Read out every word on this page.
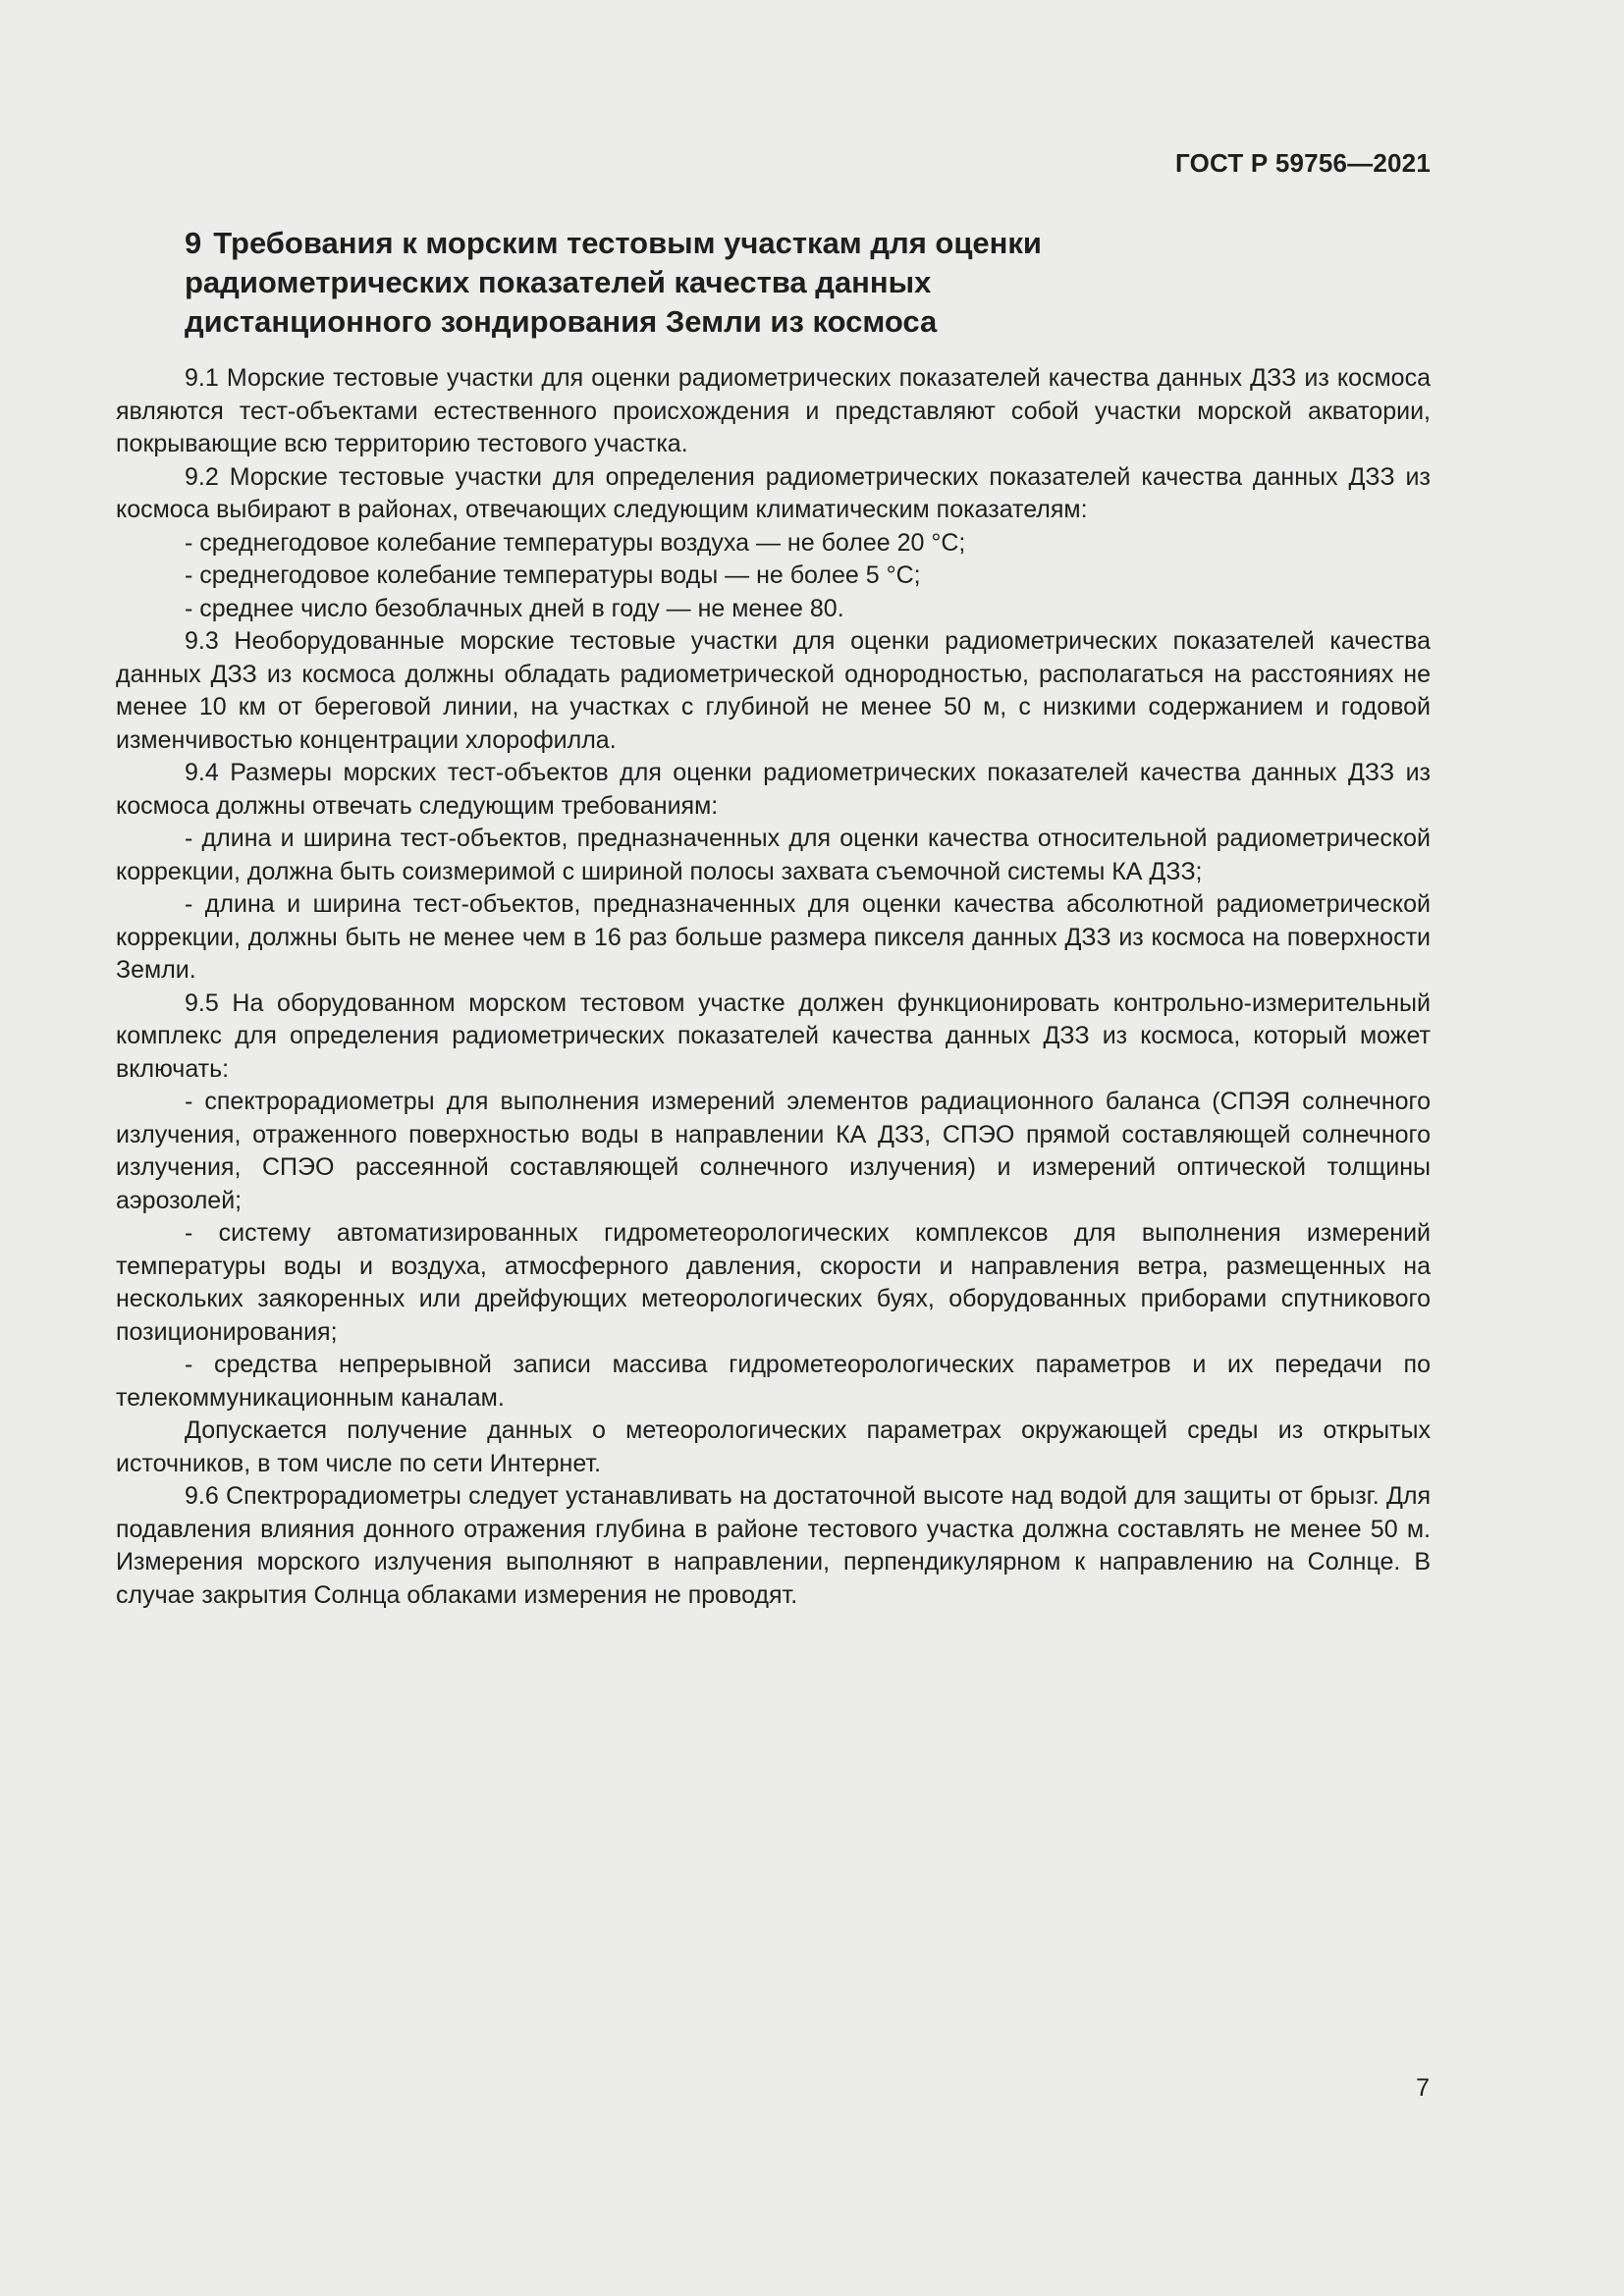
ГОСТ Р 59756—2021
9 Требования к морским тестовым участкам для оценки радиометрических показателей качества данных дистанционного зондирования Земли из космоса

9.1 Морские тестовые участки для оценки радиометрических показателей качества данных ДЗЗ из космоса являются тест-объектами естественного происхождения и представляют собой участки морской акватории, покрывающие всю территорию тестового участка.

9.2 Морские тестовые участки для определения радиометрических показателей качества данных ДЗЗ из космоса выбирают в районах, отвечающих следующим климатическим показателям:

- среднегодовое колебание температуры воздуха — не более 20 °С;

- среднегодовое колебание температуры воды — не более 5 °С;

- среднее число безоблачных дней в году — не менее 80.

9.3 Необорудованные морские тестовые участки для оценки радиометрических показателей качества данных ДЗЗ из космоса должны обладать радиометрической однородностью, располагаться на расстояниях не менее 10 км от береговой линии, на участках с глубиной не менее 50 м, с низкими содержанием и годовой изменчивостью концентрации хлорофилла.

9.4 Размеры морских тест-объектов для оценки радиометрических показателей качества данных ДЗЗ из космоса должны отвечать следующим требованиям:

- длина и ширина тест-объектов, предназначенных для оценки качества относительной радиометрической коррекции, должна быть соизмеримой с шириной полосы захвата съемочной системы КА ДЗЗ;

- длина и ширина тест-объектов, предназначенных для оценки качества абсолютной радиометрической коррекции, должны быть не менее чем в 16 раз больше размера пикселя данных ДЗЗ из космоса на поверхности Земли.

9.5 На оборудованном морском тестовом участке должен функционировать контрольно-измерительный комплекс для определения радиометрических показателей качества данных ДЗЗ из космоса, который может включать:

- спектрорадиометры для выполнения измерений элементов радиационного баланса (СПЭЯ солнечного излучения, отраженного поверхностью воды в направлении КА ДЗЗ, СПЭО прямой составляющей солнечного излучения, СПЭО рассеянной составляющей солнечного излучения) и измерений оптической толщины аэрозолей;

- систему автоматизированных гидрометеорологических комплексов для выполнения измерений температуры воды и воздуха, атмосферного давления, скорости и направления ветра, размещенных на нескольких заякоренных или дрейфующих метеорологических буях, оборудованных приборами спутникового позиционирования;

- средства непрерывной записи массива гидрометеорологических параметров и их передачи по телекоммуникационным каналам.

Допускается получение данных о метеорологических параметрах окружающей среды из открытых источников, в том числе по сети Интернет.

9.6 Спектрорадиометры следует устанавливать на достаточной высоте над водой для защиты от брызг. Для подавления влияния донного отражения глубина в районе тестового участка должна составлять не менее 50 м. Измерения морского излучения выполняют в направлении, перпендикулярном к направлению на Солнце. В случае закрытия Солнца облаками измерения не проводят.

7
